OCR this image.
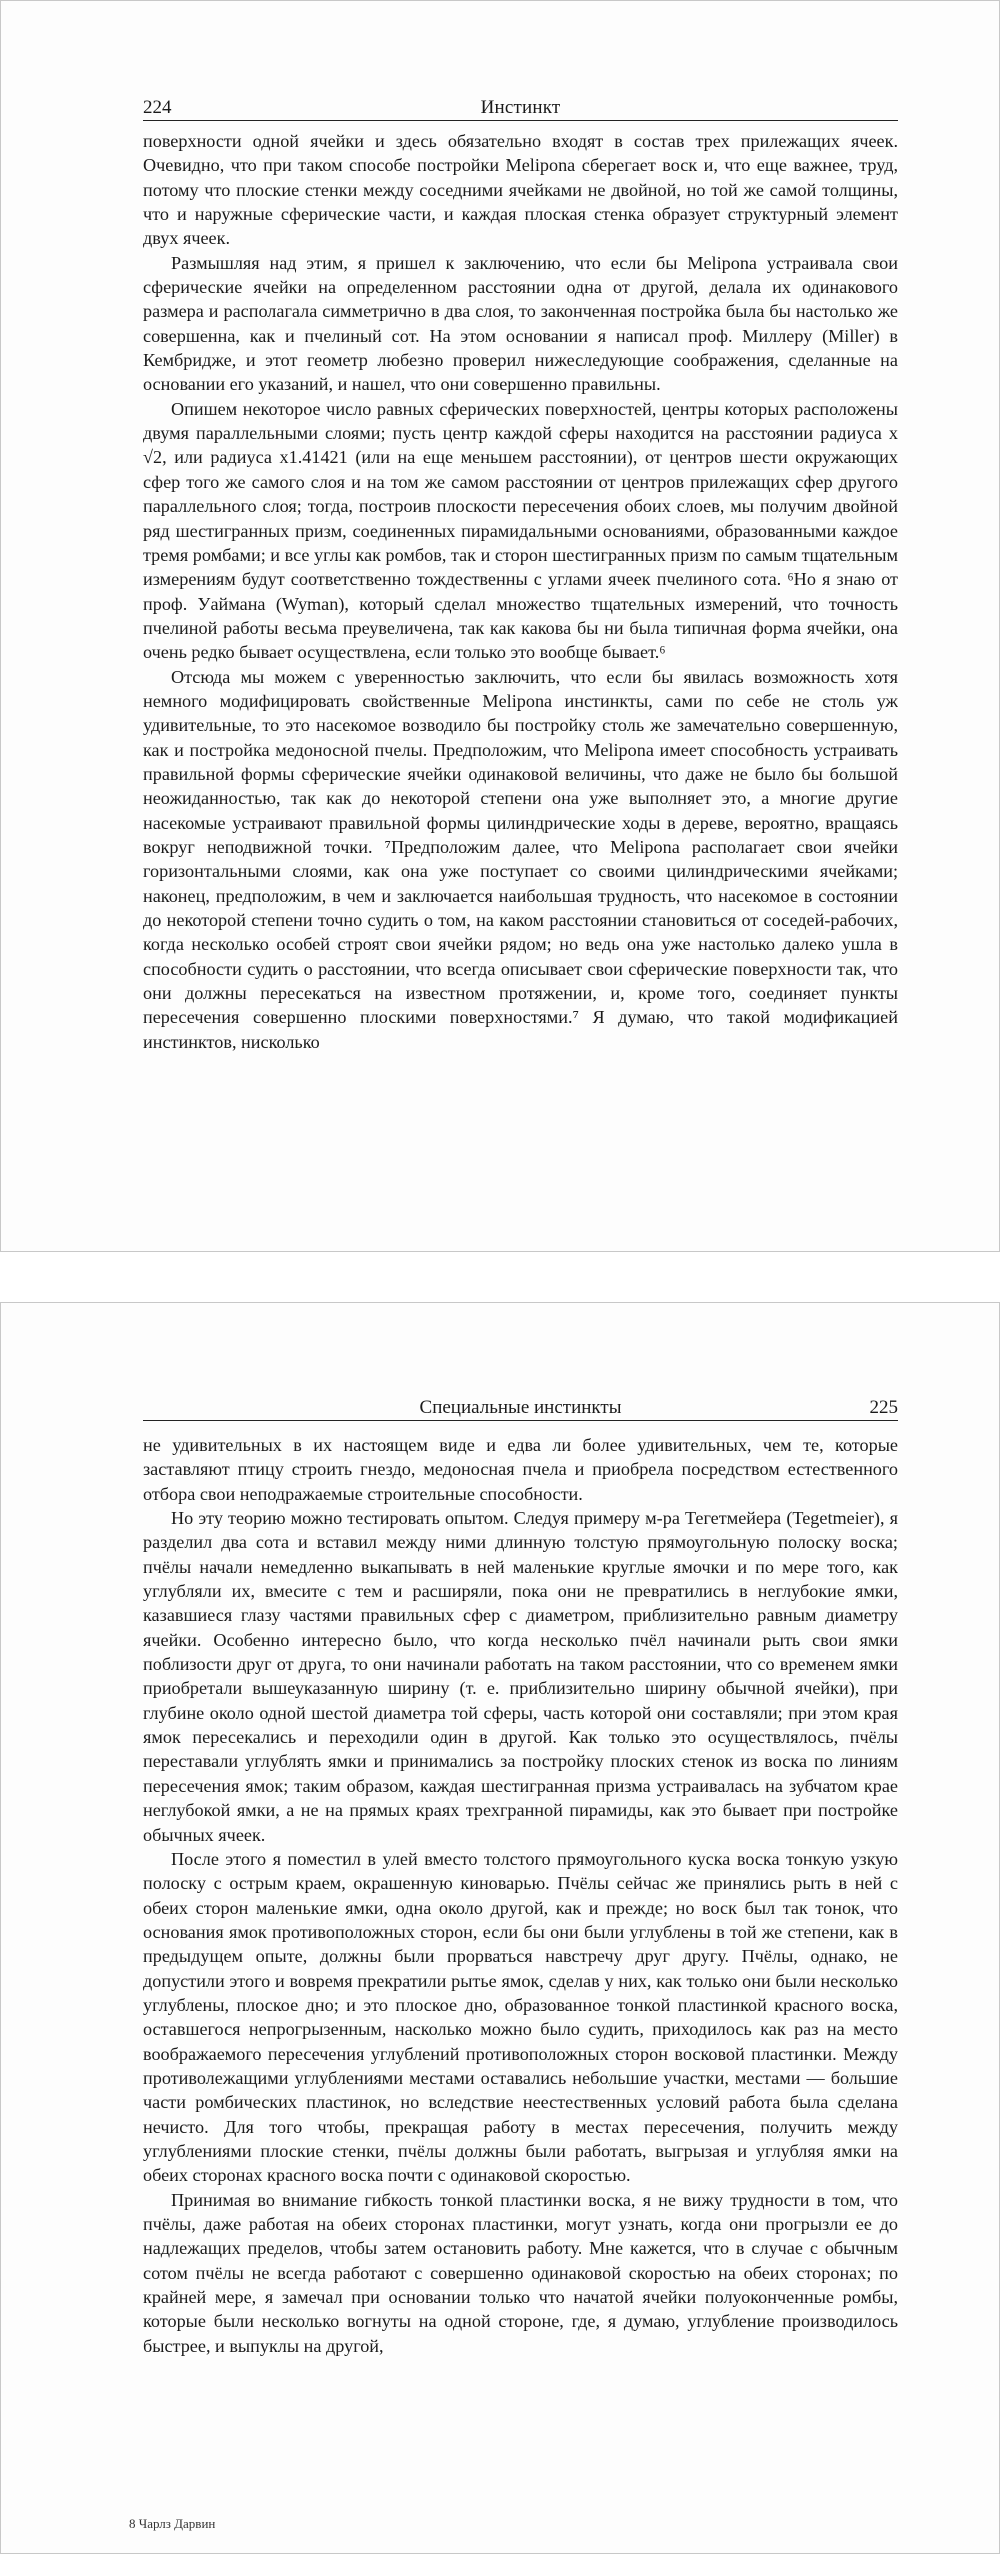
Инстинкт
224

поверхности одной ячейки и здесь обязательно входят в состав трех прилежащих ячеек. Очевидно, что при таком способе постройки Melipona сберегает воск и, что еще важнее, труд, потому что плоские стенки между соседними ячейками не двойной, но той же самой толщины, что и наружные сферические части, и каждая плоская стенка образует структурный элемент двух ячеек.

Размышляя над этим, я пришел к заключению, что если бы Melipona устраивала свои сферические ячейки на определенном расстоянии одна от другой, делала их одинакового размера и располагала симметрично в два слоя, то законченная постройка была бы настолько же совершенна, как и пчелиный сот. На этом основании я написал проф. Миллеру (Miller) в Кембридже, и этот геометр любезно проверил нижеследующие соображения, сделанные на основании его указаний, и нашел, что они совершенно правильны.

Опишем некоторое число равных сферических поверхностей, центры которых расположены двумя параллельными слоями; пусть центр каждой сферы находится на расстоянии радиуса х √2, или радиуса х1.41421 (или на еще меньшем расстоянии), от центров шести окружающих сфер того же самого слоя и на том же самом расстоянии от центров прилежащих сфер другого параллельного слоя; тогда, построив плоскости пересечения обоих слоев, мы получим двойной ряд шестигранных призм, соединенных пирамидальными основаниями, образованными каждое тремя ромбами; и все углы как ромбов, так и сторон шестигранных призм по самым тщательным измерениям будут соответственно тождественны с углами ячеек пчелиного сота. ⁶Но я знаю от проф. Уаймана (Wyman), который сделал множество тщательных измерений, что точность пчелиной работы весьма преувеличена, так как какова бы ни была типичная форма ячейки, она очень редко бывает осуществлена, если только это вообще бывает.⁶

Отсюда мы можем с уверенностью заключить, что если бы явилась возможность хотя немного модифицировать свойственные Melipona инстинкты, сами по себе не столь уж удивительные, то это насекомое возводило бы постройку столь же замечательно совершенную, как и постройка медоносной пчелы. Предположим, что Melipona имеет способность устраивать правильной формы сферические ячейки одинаковой величины, что даже не было бы большой неожиданностью, так как до некоторой степени она уже выполняет это, а многие другие насекомые устраивают правильной формы цилиндрические ходы в дереве, вероятно, вращаясь вокруг неподвижной точки. ⁷Предположим далее, что Melipona располагает свои ячейки горизонтальными слоями, как она уже поступает со своими цилиндрическими ячейками; наконец, предположим, в чем и заключается наибольшая трудность, что насекомое в состоянии до некоторой степени точно судить о том, на каком расстоянии становиться от соседей-рабочих, когда несколько особей строят свои ячейки рядом; но ведь она уже настолько далеко ушла в способности судить о расстоянии, что всегда описывает свои сферические поверхности так, что они должны пересекаться на известном протяжении, и, кроме того, соединяет пункты пересечения совершенно плоскими поверхностями.⁷ Я думаю, что такой модификацией инстинктов, нисколько

Специальные инстинкты	225

не удивительных в их настоящем виде и едва ли более удивительных, чем те, которые заставляют птицу строить гнездо, медоносная пчела и приобрела посредством естественного отбора свои неподражаемые строительные способности.

Но эту теорию можно тестировать опытом. Следуя примеру м-ра Тегетмейера (Tegetmeier), я разделил два сота и вставил между ними длинную толстую прямоугольную полоску воска; пчёлы начали немедленно выкапывать в ней маленькие круглые ямочки и по мере того, как углубляли их, вмесите с тем и расширяли, пока они не превратились в неглубокие ямки, казавшиеся глазу частями правильных сфер с диаметром, приблизительно равным диаметру ячейки. Особенно интересно было, что когда несколько пчёл начинали рыть свои ямки поблизости друг от друга, то они начинали работать на таком расстоянии, что со временем ямки приобретали вышеуказанную ширину (т. е. приблизительно ширину обычной ячейки), при глубине около одной шестой диаметра той сферы, часть которой они составляли; при этом края ямок пересекались и переходили один в другой. Как только это осуществлялось, пчёлы переставали углублять ямки и принимались за постройку плоских стенок из воска по линиям пересечения ямок; таким образом, каждая шестигранная призма устраивалась на зубчатом крае неглубокой ямки, а не на прямых краях трехгранной пирамиды, как это бывает при постройке обычных ячеек.

После этого я поместил в улей вместо толстого прямоугольного куска воска тонкую узкую полоску с острым краем, окрашенную киноварью. Пчёлы сейчас же принялись рыть в ней с обеих сторон маленькие ямки, одна около другой, как и прежде; но воск был так тонок, что основания ямок противоположных сторон, если бы они были углублены в той же степени, как в предыдущем опыте, должны были прорваться навстречу друг другу. Пчёлы, однако, не допустили этого и вовремя прекратили рытье ямок, сделав у них, как только они были несколько углублены, плоское дно; и это плоское дно, образованное тонкой пластинкой красного воска, оставшегося непрогрызенным, насколько можно было судить, приходилось как раз на место воображаемого пересечения углублений противоположных сторон восковой пластинки. Между противолежащими углублениями местами оставались небольшие участки, местами — большие части ромбических пластинок, но вследствие неестественных условий работа была сделана нечисто. Для того чтобы, прекращая работу в местах пересечения, получить между углублениями плоские стенки, пчёлы должны были работать, выгрызая и углубляя ямки на обеих сторонах красного воска почти с одинаковой скоростью.

Принимая во внимание гибкость тонкой пластинки воска, я не вижу трудности в том, что пчёлы, даже работая на обеих сторонах пластинки, могут узнать, когда они прогрызли ее до надлежащих пределов, чтобы затем остановить работу. Мне кажется, что в случае с обычным сотом пчёлы не всегда работают с совершенно одинаковой скоростью на обеих сторонах; по крайней мере, я замечал при основании только что начатой ячейки полуоконченные ромбы, которые были несколько вогнуты на одной стороне, где, я думаю, углубление производилось быстрее, и выпуклы на другой,

8 Чарлз Дарвин
